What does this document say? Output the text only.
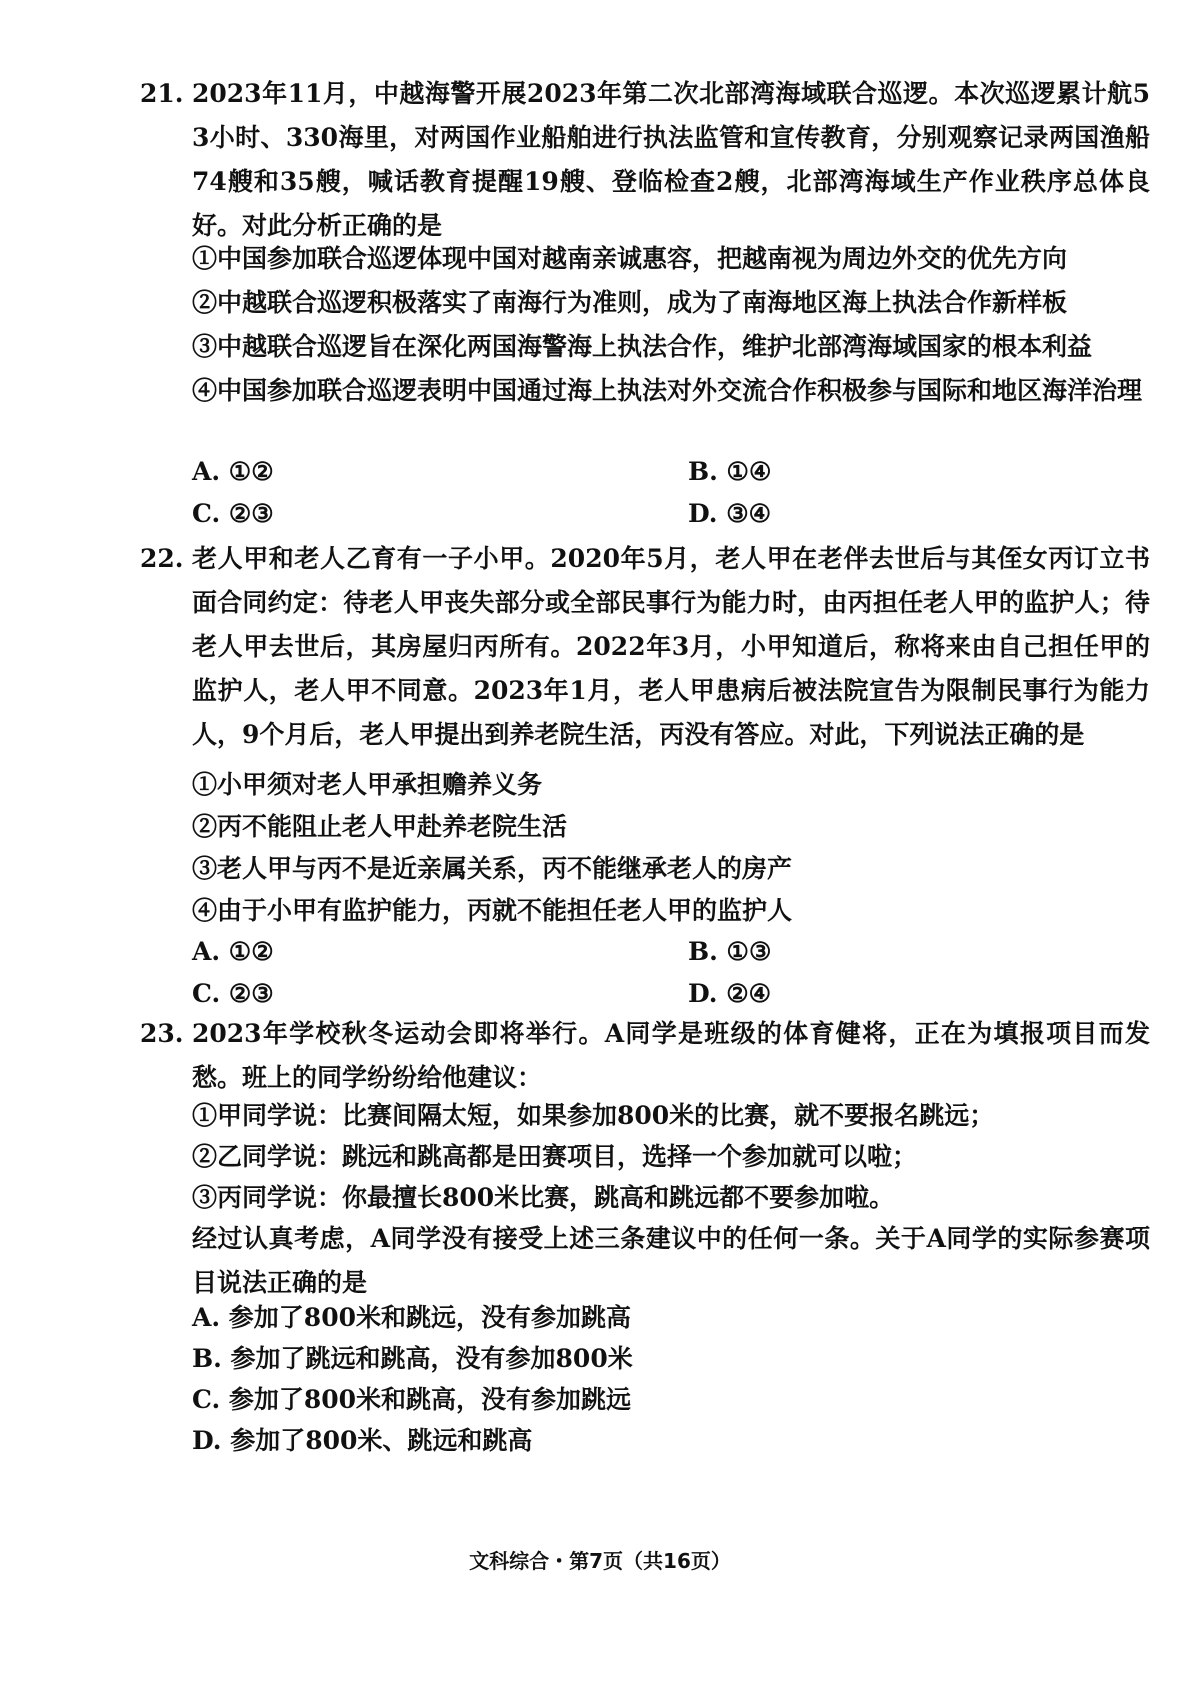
21. 2023年11月，中越海警开展2023年第二次北部湾海域联合巡逻。本次巡逻累计航53小时、330海里，对两国作业船舶进行执法监管和宣传教育，分别观察记录两国渔船74艘和35艘，喊话教育提醒19艘、登临检查2艘，北部湾海域生产作业秩序总体良好。对此分析正确的是
①中国参加联合巡逻体现中国对越南亲诚惠容，把越南视为周边外交的优先方向
②中越联合巡逻积极落实了南海行为准则，成为了南海地区海上执法合作新样板
③中越联合巡逻旨在深化两国海警海上执法合作，维护北部湾海域国家的根本利益
④中国参加联合巡逻表明中国通过海上执法对外交流合作积极参与国际和地区海洋治理
A. ①②	B. ①④
C. ②③	D. ③④
22. 老人甲和老人乙育有一子小甲。2020年5月，老人甲在老伴去世后与其侄女丙订立书面合同约定：待老人甲丧失部分或全部民事行为能力时，由丙担任老人甲的监护人；待老人甲去世后，其房屋归丙所有。2022年3月，小甲知道后，称将来由自己担任甲的监护人，老人甲不同意。2023年1月，老人甲患病后被法院宣告为限制民事行为能力人，9个月后，老人甲提出到养老院生活，丙没有答应。对此，下列说法正确的是
①小甲须对老人甲承担赡养义务
②丙不能阻止老人甲赴养老院生活
③老人甲与丙不是近亲属关系，丙不能继承老人的房产
④由于小甲有监护能力，丙就不能担任老人甲的监护人
A. ①②	B. ①③
C. ②③	D. ②④
23. 2023年学校秋冬运动会即将举行。A同学是班级的体育健将，正在为填报项目而发愁。班上的同学纷纷给他建议：
①甲同学说：比赛间隔太短，如果参加800米的比赛，就不要报名跳远；
②乙同学说：跳远和跳高都是田赛项目，选择一个参加就可以啦；
③丙同学说：你最擅长800米比赛，跳高和跳远都不要参加啦。
经过认真考虑，A同学没有接受上述三条建议中的任何一条。关于A同学的实际参赛项目说法正确的是
A. 参加了800米和跳远，没有参加跳高
B. 参加了跳远和跳高，没有参加800米
C. 参加了800米和跳高，没有参加跳远
D. 参加了800米、跳远和跳高
文科综合・第7页（共16页）
